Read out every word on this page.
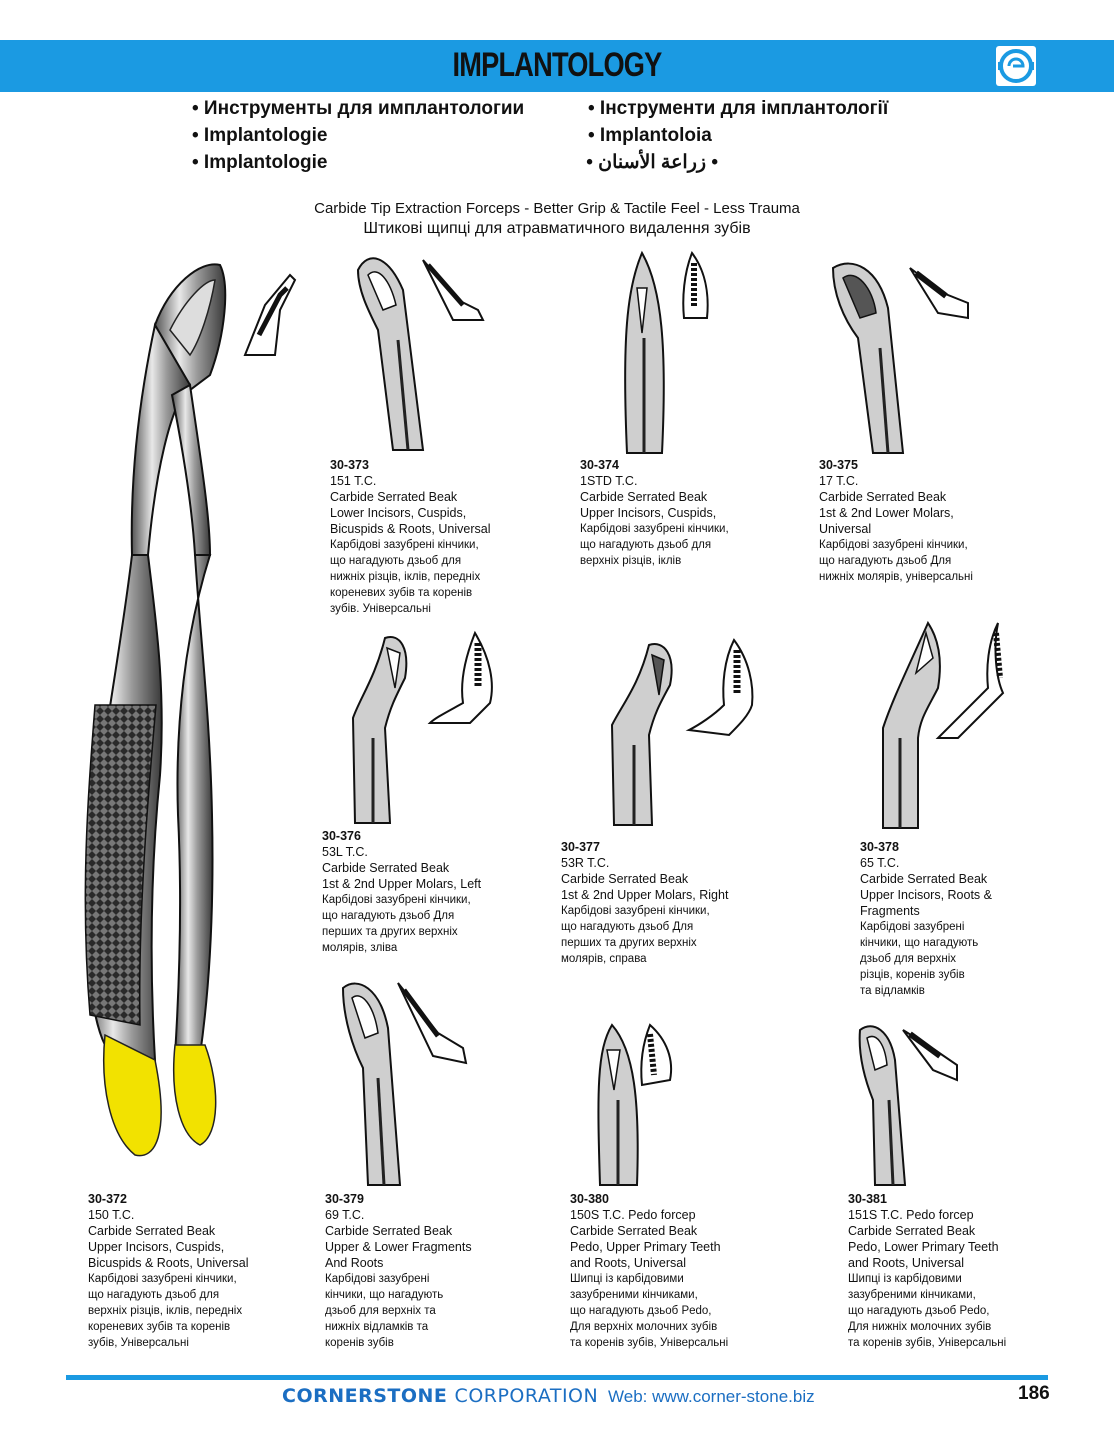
IMPLANTOLOGY
• Инструменты для имплантологии
• Implantologie
• Implantologie
• Інструменти для імплантології
• Implantoloia
• زراعة الأسنان •
Carbide Tip Extraction Forceps - Better Grip & Tactile Feel - Less Trauma
Штикові щипці для атравматичного видалення зубів
30-373
151 T.C.
Carbide Serrated Beak
Lower Incisors, Cuspids,
Bicuspids & Roots, Universal
Карбідові зазубрені кінчики,
що нагадують дзьоб для
нижніх різців, іклів, передніх
кореневих зубів та коренів
зубів. Універсальні
30-374
1STD T.C.
Carbide Serrated Beak
Upper Incisors, Cuspids,
Карбідові зазубрені кінчики,
що нагадують дзьоб для
верхніх різців, іклів
30-375
17 T.C.
Carbide Serrated Beak
1st & 2nd Lower Molars,
Universal
Карбідові зазубрені кінчики,
що нагадують дзьоб Для
нижніх молярів, універсальні
30-376
53L T.C.
Carbide Serrated Beak
1st & 2nd Upper Molars, Left
Карбідові зазубрені кінчики,
що нагадують дзьоб Для
перших та других верхніх
молярів, зліва
30-377
53R T.C.
Carbide Serrated Beak
1st & 2nd Upper Molars, Right
Карбідові зазубрені кінчики,
що нагадують дзьоб Для
перших та других верхніх
молярів, справа
30-378
65 T.C.
Carbide Serrated Beak
Upper Incisors, Roots &
Fragments
Карбідові зазубрені
кінчики, що нагадують
дзьоб для верхніх
різців, коренів зубів
та відламків
30-372
150 T.C.
Carbide Serrated Beak
Upper Incisors, Cuspids,
Bicuspids & Roots, Universal
Карбідові зазубрені кінчики,
що нагадують дзьоб для
верхніх різців, іклів, передніх
кореневих зубів та коренів
зубів, Універсальні
30-379
69 T.C.
Carbide Serrated Beak
Upper & Lower Fragments
And Roots
Карбідові зазубрені
кінчики, що нагадують
дзьоб для верхніх та
нижніх відламків та
коренів зубів
30-380
150S T.C. Pedo forcep
Carbide Serrated Beak
Pedo, Upper Primary Teeth
and Roots, Universal
Шипці із карбідовими
зазубреними кінчиками,
що нагадують дзьоб Pedo,
Для верхніх молочних зубів
та коренів зубів, Універсальні
30-381
151S T.C. Pedo forcep
Carbide Serrated Beak
Pedo, Lower Primary Teeth
and Roots, Universal
Шипці із карбідовими
зазубреними кінчиками,
що нагадують дзьоб Pedo,
Для нижніх молочних зубів
та коренів зубів, Універсальні
CORNERSTONE CORPORATION Web: www.corner-stone.biz	186
